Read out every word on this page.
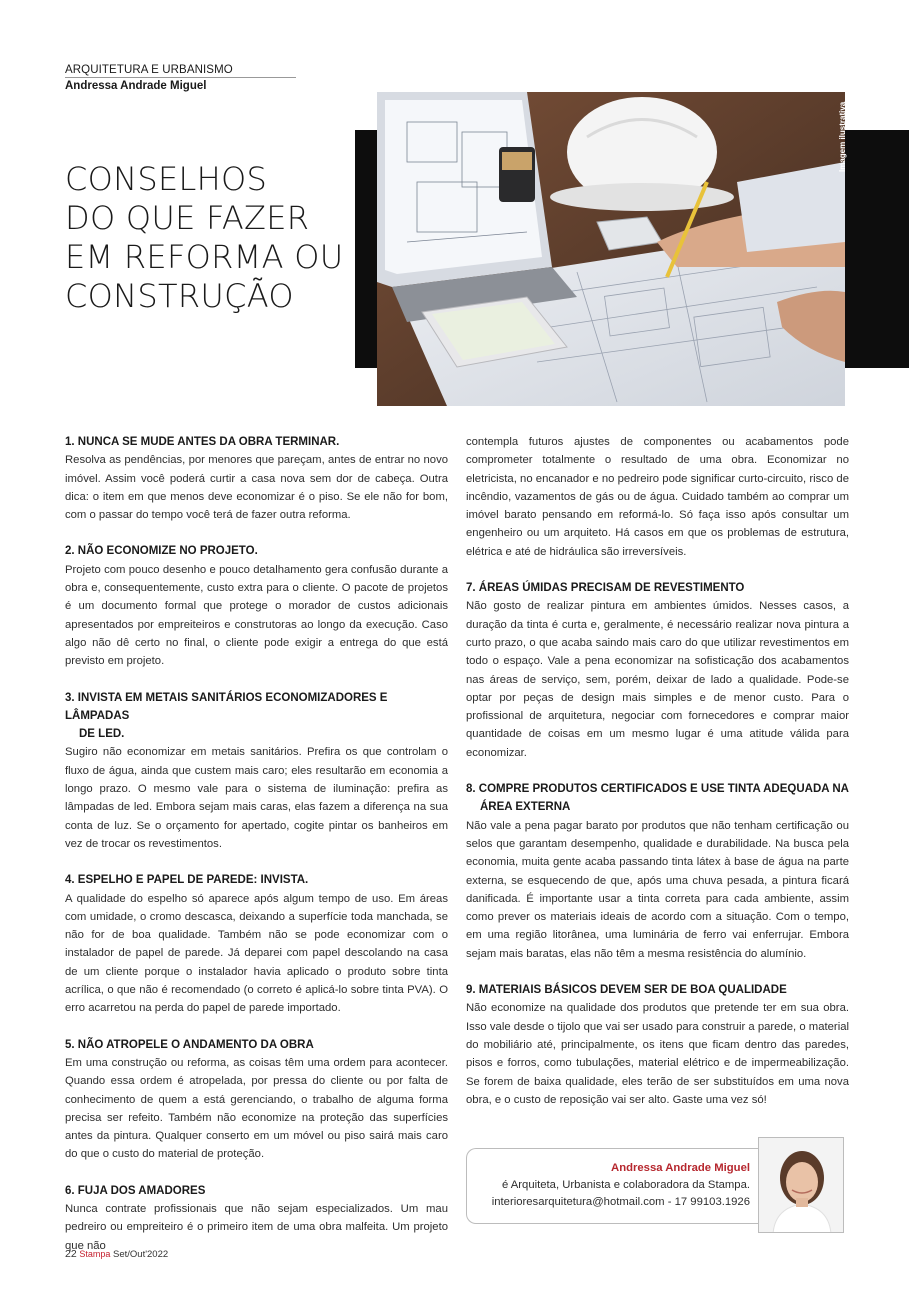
ARQUITETURA E URBANISMO
Andressa Andrade Miguel
Imagem ilustrativa
CONSELHOS
DO QUE FAZER
EM REFORMA OU
CONSTRUÇÃO
1. NUNCA SE MUDE ANTES DA OBRA TERMINAR.

Resolva as pendências, por menores que pareçam, antes de entrar no novo imóvel. Assim você poderá curtir a casa nova sem dor de cabeça. Outra dica: o item em que menos deve economizar é o piso. Se ele não for bom, com o passar do tempo você terá de fazer outra reforma.

2. NÃO ECONOMIZE NO PROJETO.

Projeto com pouco desenho e pouco detalhamento gera confusão durante a obra e, consequentemente, custo extra para o cliente. O pacote de projetos é um documento formal que protege o morador de custos adicionais apresentados por empreiteiros e construtoras ao longo da execução. Caso algo não dê certo no final, o cliente pode exigir a entrega do que está previsto em projeto.

3. INVISTA EM METAIS SANITÁRIOS ECONOMIZADORES E LÂMPADAS
DE LED.

Sugiro não economizar em metais sanitários. Prefira os que controlam o fluxo de água, ainda que custem mais caro; eles resultarão em economia a longo prazo. O mesmo vale para o sistema de iluminação: prefira as lâmpadas de led. Embora sejam mais caras, elas fazem a diferença na sua conta de luz. Se o orçamento for apertado, cogite pintar os banheiros em vez de trocar os revestimentos.

4. ESPELHO E PAPEL DE PAREDE: INVISTA.

A qualidade do espelho só aparece após algum tempo de uso. Em áreas com umidade, o cromo descasca, deixando a superfície toda manchada, se não for de boa qualidade. Também não se pode economizar com o instalador de papel de parede. Já deparei com papel descolando na casa de um cliente porque o instalador havia aplicado o produto sobre tinta acrílica, o que não é recomendado (o correto é aplicá-lo sobre tinta PVA). O erro acarretou na perda do papel de parede importado.

5. NÃO ATROPELE O ANDAMENTO DA OBRA

Em uma construção ou reforma, as coisas têm uma ordem para acontecer. Quando essa ordem é atropelada, por pressa do cliente ou por falta de conhecimento de quem a está gerenciando, o trabalho de alguma forma precisa ser refeito. Também não economize na proteção das superfícies antes da pintura. Qualquer conserto em um móvel ou piso sairá mais caro do que o custo do material de proteção.

6. FUJA DOS AMADORES

Nunca contrate profissionais que não sejam especializados. Um mau pedreiro ou empreiteiro é o primeiro item de uma obra malfeita. Um projeto que não

contempla futuros ajustes de componentes ou acabamentos pode comprometer totalmente o resultado de uma obra. Economizar no eletricista, no encanador e no pedreiro pode significar curto-circuito, risco de incêndio, vazamentos de gás ou de água. Cuidado também ao comprar um imóvel barato pensando em reformá-lo. Só faça isso após consultar um engenheiro ou um arquiteto. Há casos em que os problemas de estrutura, elétrica e até de hidráulica são irreversíveis.

7. ÁREAS ÚMIDAS PRECISAM DE REVESTIMENTO

Não gosto de realizar pintura em ambientes úmidos. Nesses casos, a duração da tinta é curta e, geralmente, é necessário realizar nova pintura a curto prazo, o que acaba saindo mais caro do que utilizar revestimentos em todo o espaço. Vale a pena economizar na sofisticação dos acabamentos nas áreas de serviço, sem, porém, deixar de lado a qualidade. Pode-se optar por peças de design mais simples e de menor custo. Para o profissional de arquitetura, negociar com fornecedores e comprar maior quantidade de coisas em um mesmo lugar é uma atitude válida para economizar.

8. COMPRE PRODUTOS CERTIFICADOS E USE TINTA ADEQUADA NA
ÁREA EXTERNA

Não vale a pena pagar barato por produtos que não tenham certificação ou selos que garantam desempenho, qualidade e durabilidade. Na busca pela economia, muita gente acaba passando tinta látex à base de água na parte externa, se esquecendo de que, após uma chuva pesada, a pintura ficará danificada. É importante usar a tinta correta para cada ambiente, assim como prever os materiais ideais de acordo com a situação. Com o tempo, em uma região litorânea, uma luminária de ferro vai enferrujar. Embora sejam mais baratas, elas não têm a mesma resistência do alumínio.

9. MATERIAIS BÁSICOS DEVEM SER DE BOA QUALIDADE

Não economize na qualidade dos produtos que pretende ter em sua obra. Isso vale desde o tijolo que vai ser usado para construir a parede, o material do mobiliário até, principalmente, os itens que ficam dentro das paredes, pisos e forros, como tubulações, material elétrico e de impermeabilização. Se forem de baixa qualidade, eles terão de ser substituídos em uma nova obra, e o custo de reposição vai ser alto. Gaste uma vez só!

Andressa Andrade Miguel
é Arquiteta, Urbanista e colaboradora da Stampa.
interioresarquitetura@hotmail.com - 17 99103.1926
22 Stampa Set/Out'2022
